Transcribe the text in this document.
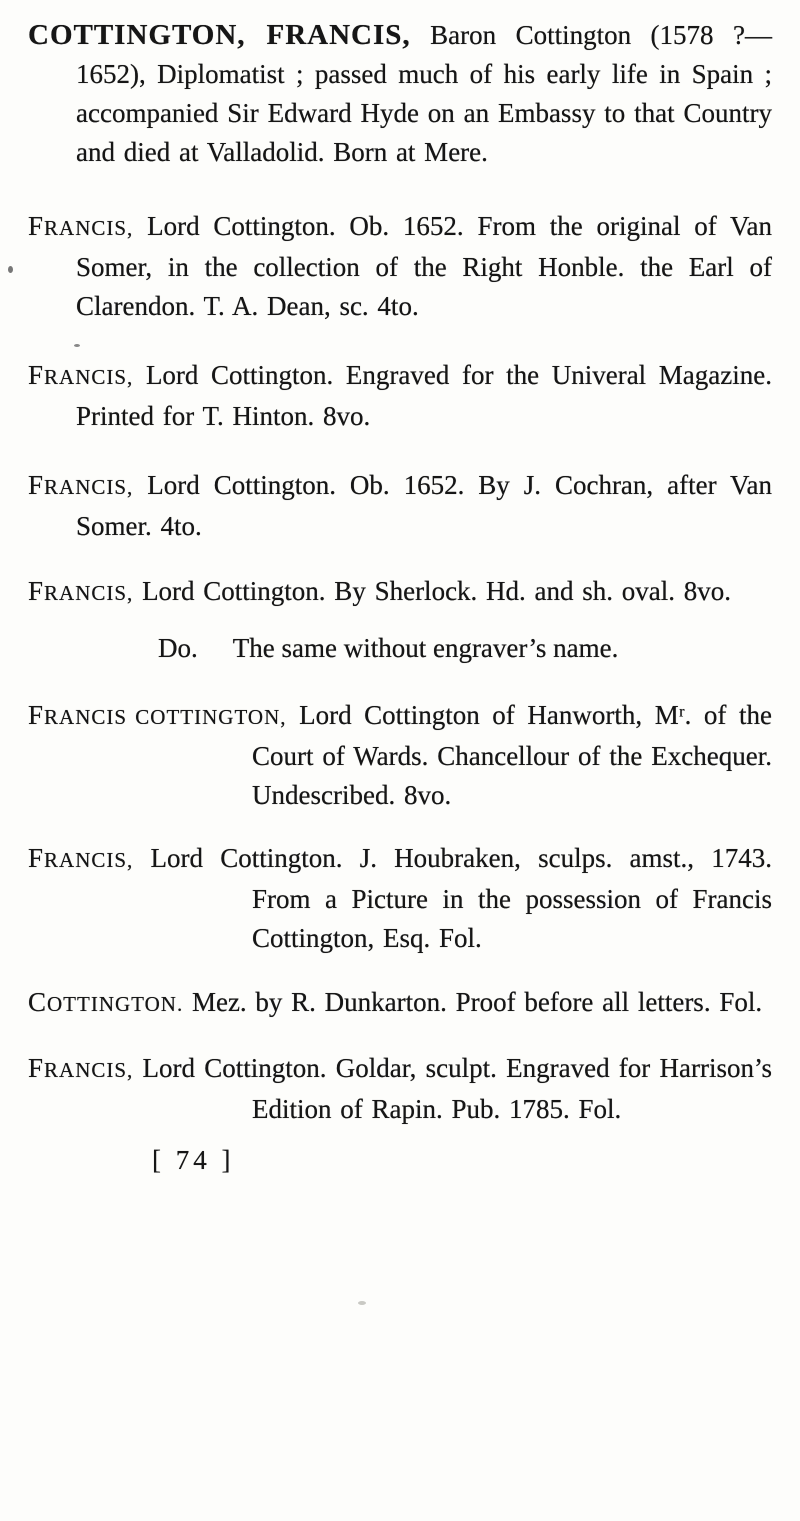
COTTINGTON, FRANCIS, Baron Cottington (1578 ?—1652), Diplomatist ; passed much of his early life in Spain ; accompanied Sir Edward Hyde on an Embassy to that Country and died at Valladolid. Born at Mere.
FRANCIS, Lord Cottington. Ob. 1652. From the original of Van Somer, in the collection of the Right Honble. the Earl of Clarendon. T. A. Dean, sc. 4to.
FRANCIS, Lord Cottington. Engraved for the Univeral Magazine. Printed for T. Hinton. 8vo.
FRANCIS, Lord Cottington. Ob. 1652. By J. Cochran, after Van Somer. 4to.
FRANCIS, Lord Cottington. By Sherlock. Hd. and sh. oval. 8vo.
Do. The same without engraver’s name.
FRANCIS COTTINGTON, Lord Cottington of Hanworth, Mʳ. of the Court of Wards. Chancellour of the Exchequer. Undescribed. 8vo.
FRANCIS, Lord Cottington. J. Houbraken, sculps. amst., 1743. From a Picture in the possession of Francis Cottington, Esq. Fol.
COTTINGTON. Mez. by R. Dunkarton. Proof before all letters. Fol.
FRANCIS, Lord Cottington. Goldar, sculpt. Engraved for Harrison’s Edition of Rapin. Pub. 1785. Fol.
[ 74 ]
